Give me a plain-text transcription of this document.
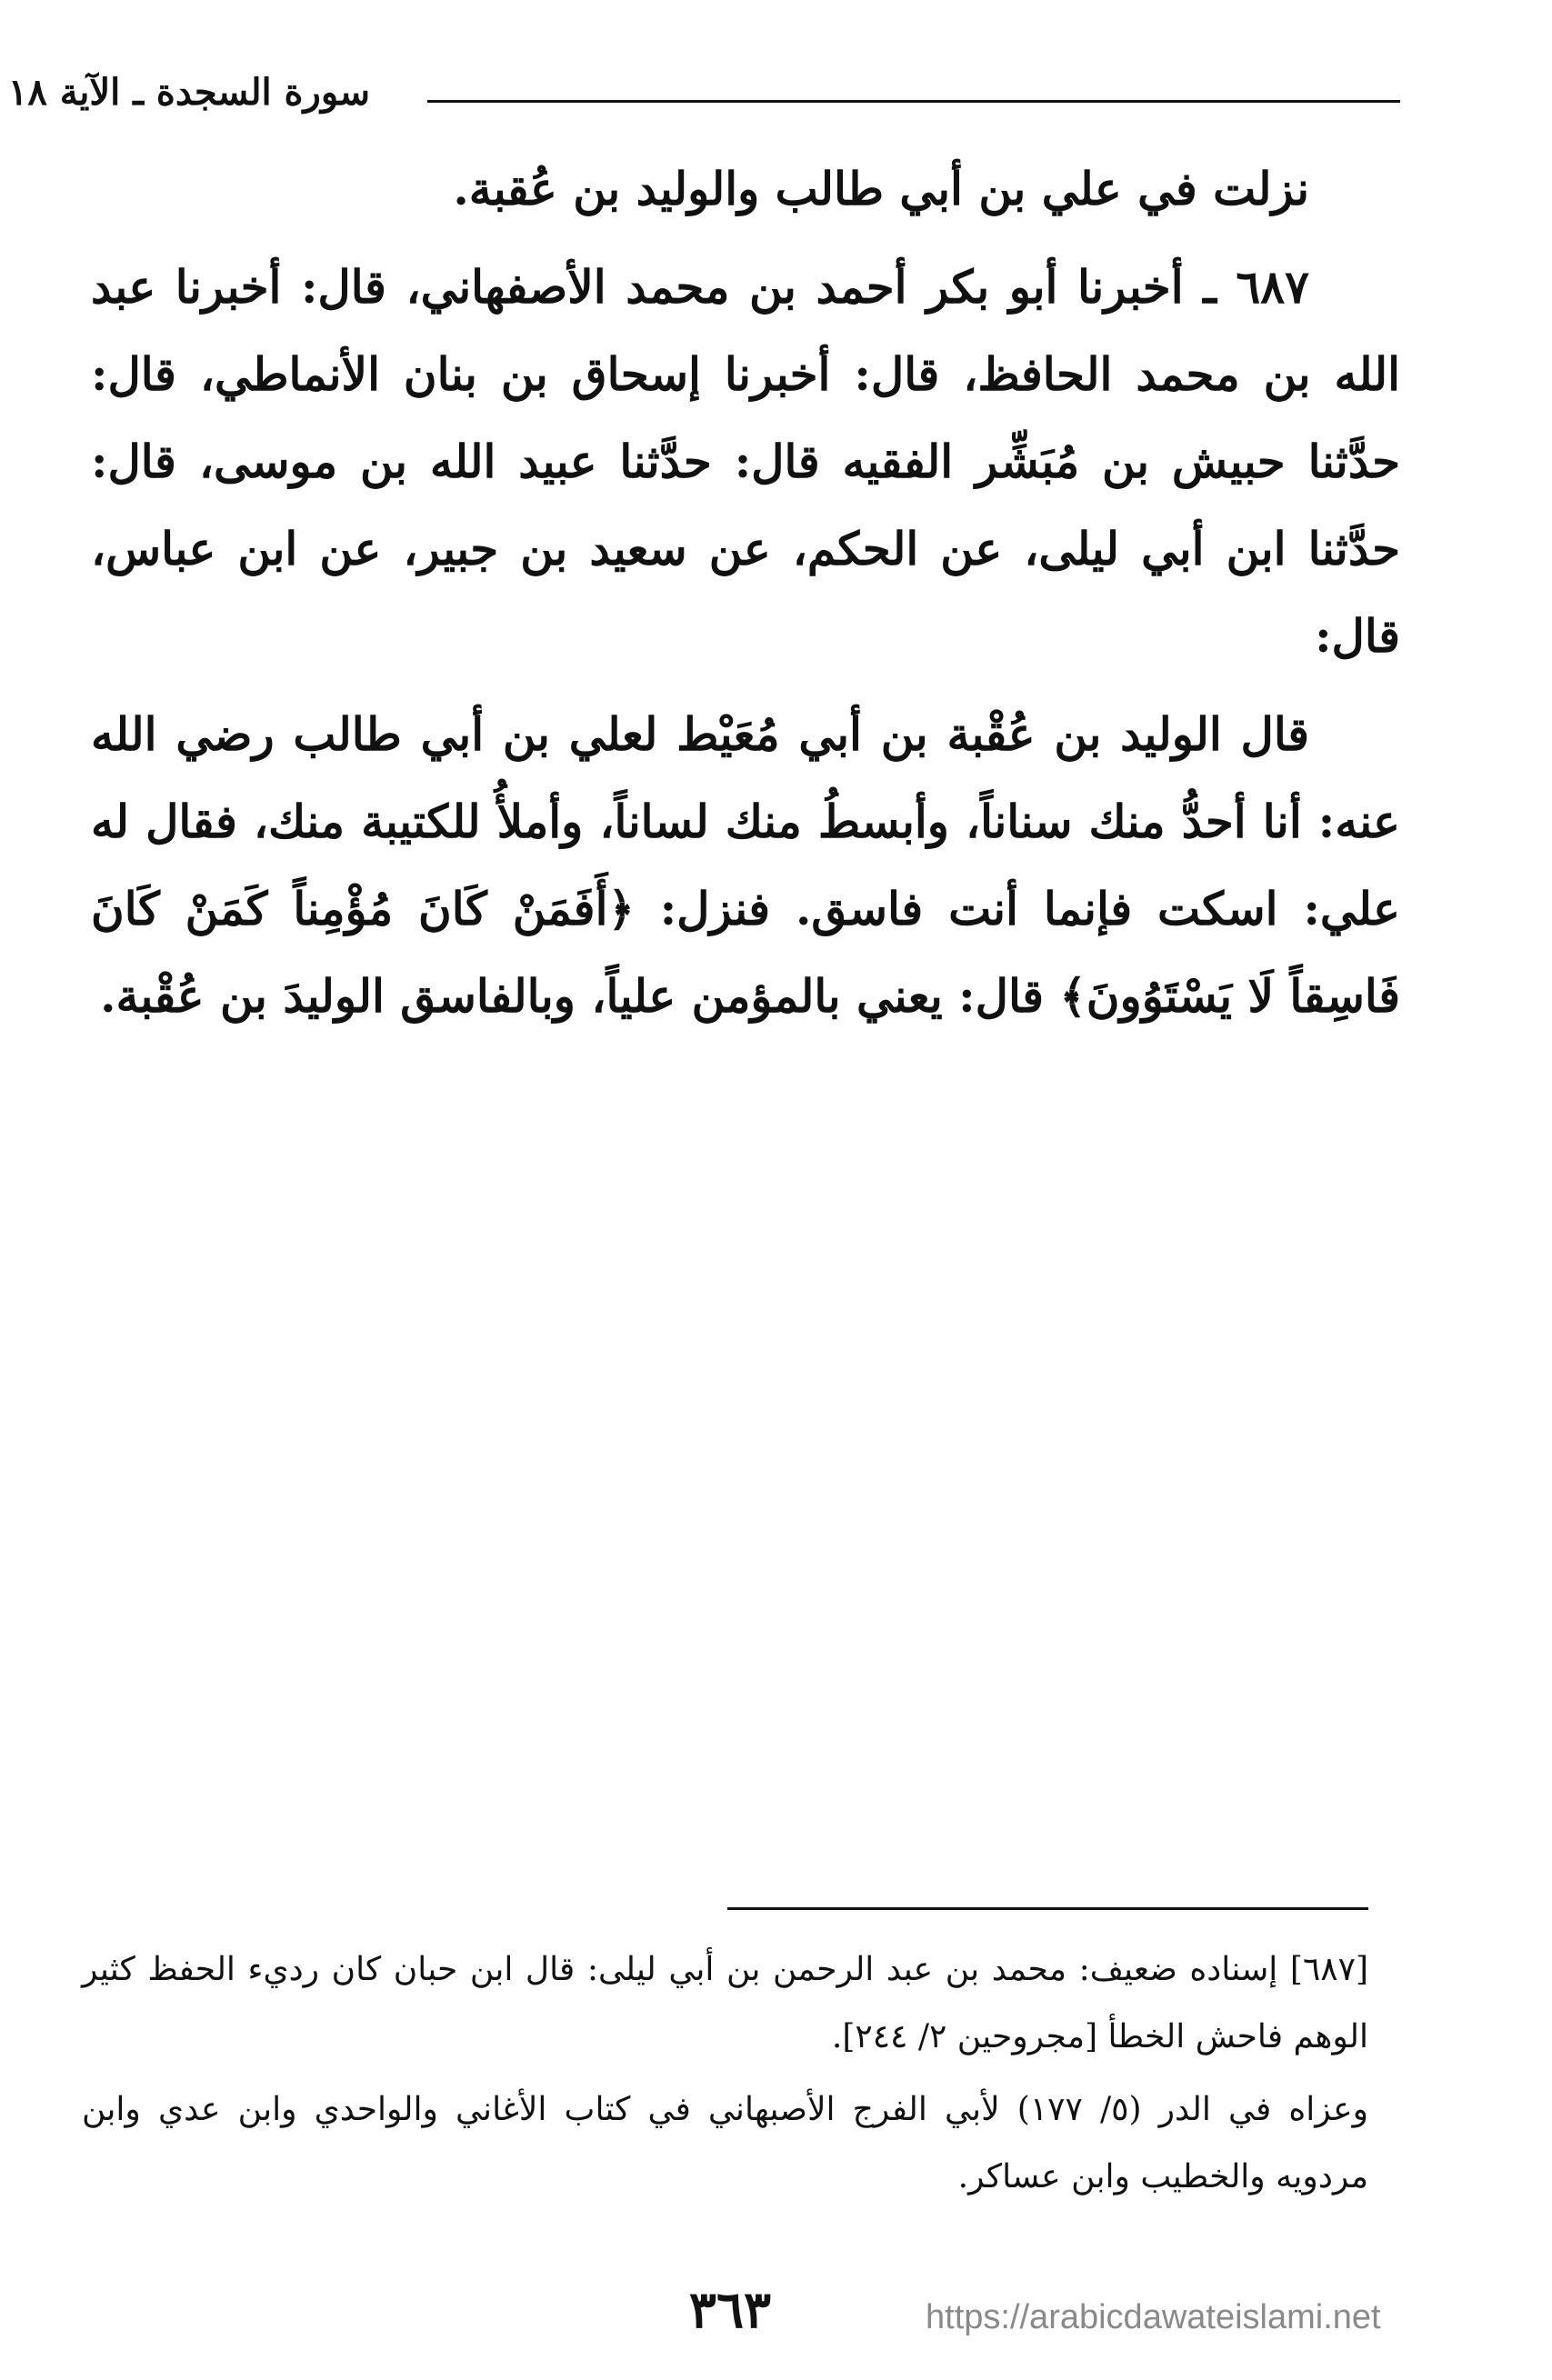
سورة السجدة ـ الآية ١٨

نزلت في علي بن أبي طالب والوليد بن عُقبة.

٦٨٧ ـ أخبرنا أبو بكر أحمد بن محمد الأصفهاني، قال: أخبرنا عبد الله بن محمد الحافظ، قال: أخبرنا إسحاق بن بنان الأنماطي، قال: حدَّثنا حبيش بن مُبَشِّر الفقيه قال: حدَّثنا عبيد الله بن موسى، قال: حدَّثنا ابن أبي ليلى، عن الحكم، عن سعيد بن جبير، عن ابن عباس، قال:

قال الوليد بن عُقْبة بن أبي مُعَيْط لعلي بن أبي طالب رضي الله عنه: أنا أحدُّ منك سناناً، وأبسطُ منك لساناً، وأملأُ للكتيبة منك، فقال له علي: اسكت فإنما أنت فاسق. فنزل: ﴿أَفَمَنْ كَانَ مُؤْمِناً كَمَنْ كَانَ فَاسِقاً لَا يَسْتَوُونَ﴾ قال: يعني بالمؤمن علياً، وبالفاسق الوليدَ بن عُقْبة.

[٦٨٧] إسناده ضعيف: محمد بن عبد الرحمن بن أبي ليلى: قال ابن حبان كان رديء الحفظ كثير الوهم فاحش الخطأ [مجروحين ٢/ ٢٤٤].

وعزاه في الدر (٥/ ١٧٧) لأبي الفرج الأصبهاني في كتاب الأغاني والواحدي وابن عدي وابن مردويه والخطيب وابن عساكر.

٣٦٣	https://arabicdawateislami.net
